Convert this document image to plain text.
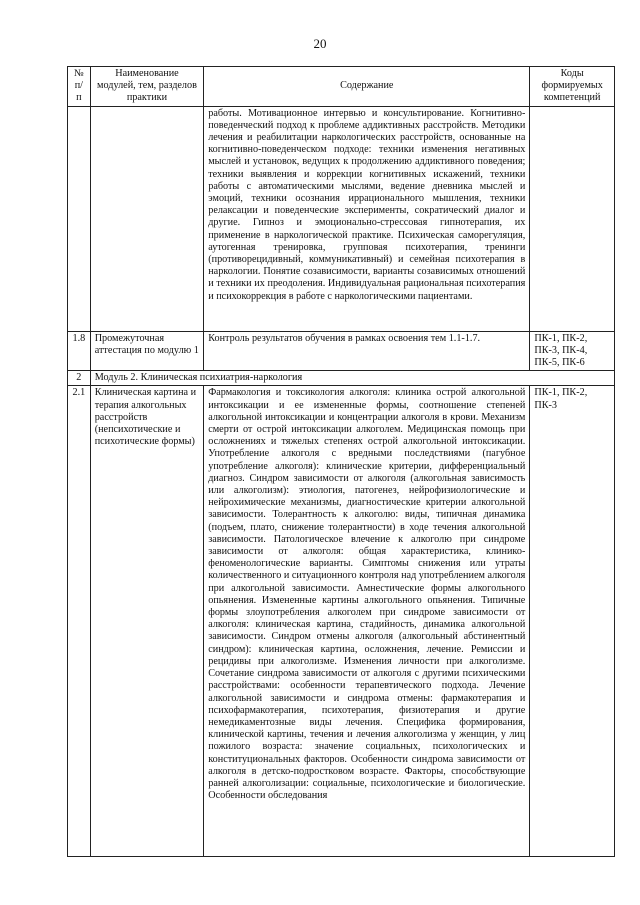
20
№ п/п	Наименование модулей, тем, разделов практики	Содержание	Коды формируемых компетенций
		работы. Мотивационное интервью и консультирование. Когнитивно-поведенческий подход к проблеме аддиктивных расстройств. Методики лечения и реабилитации наркологических расстройств, основанные на когнитивно-поведенческом подходе: техники изменения негативных мыслей и установок, ведущих к продолжению аддиктивного поведения; техники выявления и коррекции когнитивных искажений, техники работы с автоматическими мыслями, ведение дневника мыслей и эмоций, техники осознания иррационального мышления, техники релаксации и поведенческие эксперименты, сократический диалог и другие. Гипноз и эмоционально-стрессовая гипнотерапия, их применение в наркологической практике. Психическая саморегуляция, аутогенная тренировка, групповая психотерапия, тренинги (противорецидивный, коммуникативный) и семейная психотерапия в наркологии. Понятие созависимости, варианты созависимых отношений и техники их преодоления. Индивидуальная рациональная психотерапия и психокоррекция в работе с наркологическими пациентами.	
1.8	Промежуточная аттестация по модулю 1	Контроль результатов обучения в рамках освоения тем 1.1-1.7.	ПК-1, ПК-2, ПК-3, ПК-4, ПК-5, ПК-6
2	Модуль 2. Клиническая психиатрия-наркология		
2.1	Клиническая картина и терапия алкогольных расстройств (непсихотические и психотические формы)	Фармакология и токсикология алкоголя: клиника острой алкогольной интоксикации и ее измененные формы, соотношение степеней алкогольной интоксикации и концентрации алкоголя в крови. Механизм смерти от острой интоксикации алкоголем. Медицинская помощь при осложнениях и тяжелых степенях острой алкогольной интоксикации. Употребление алкоголя с вредными последствиями (пагубное употребление алкоголя): клинические критерии, дифференциальный диагноз. Синдром зависимости от алкоголя (алкогольная зависимость или алкоголизм): этиология, патогенез, нейрофизиологические и нейрохимические механизмы, диагностические критерии алкогольной зависимости. Толерантность к алкоголю: виды, типичная динамика (подъем, плато, снижение толерантности) в ходе течения алкогольной зависимости. Патологическое влечение к алкоголю при синдроме зависимости от алкоголя: общая характеристика, клинико-феноменологические варианты. Симптомы снижения или утраты количественного и ситуационного контроля над употреблением алкоголя при алкогольной зависимости. Амнестические формы алкогольного опьянения. Измененные картины алкогольного опьянения. Типичные формы злоупотребления алкоголем при синдроме зависимости от алкоголя: клиническая картина, стадийность, динамика алкогольной зависимости. Синдром отмены алкоголя (алкогольный абстинентный синдром): клиническая картина, осложнения, лечение. Ремиссии и рецидивы при алкоголизме. Изменения личности при алкоголизме. Сочетание синдрома зависимости от алкоголя с другими психическими расстройствами: особенности терапевтического подхода. Лечение алкогольной зависимости и синдрома отмены: фармакотерапия и психофармакотерапия, психотерапия, физиотерапия и другие немедикаментозные виды лечения. Специфика формирования, клинической картины, течения и лечения алкоголизма у женщин, у лиц пожилого возраста: значение социальных, психологических и конституциональных факторов. Особенности синдрома зависимости от алкоголя в детско-подростковом возрасте. Факторы, способствующие ранней алкоголизации: социальные, психологические и биологические. Особенности обследования	ПК-1, ПК-2, ПК-3
